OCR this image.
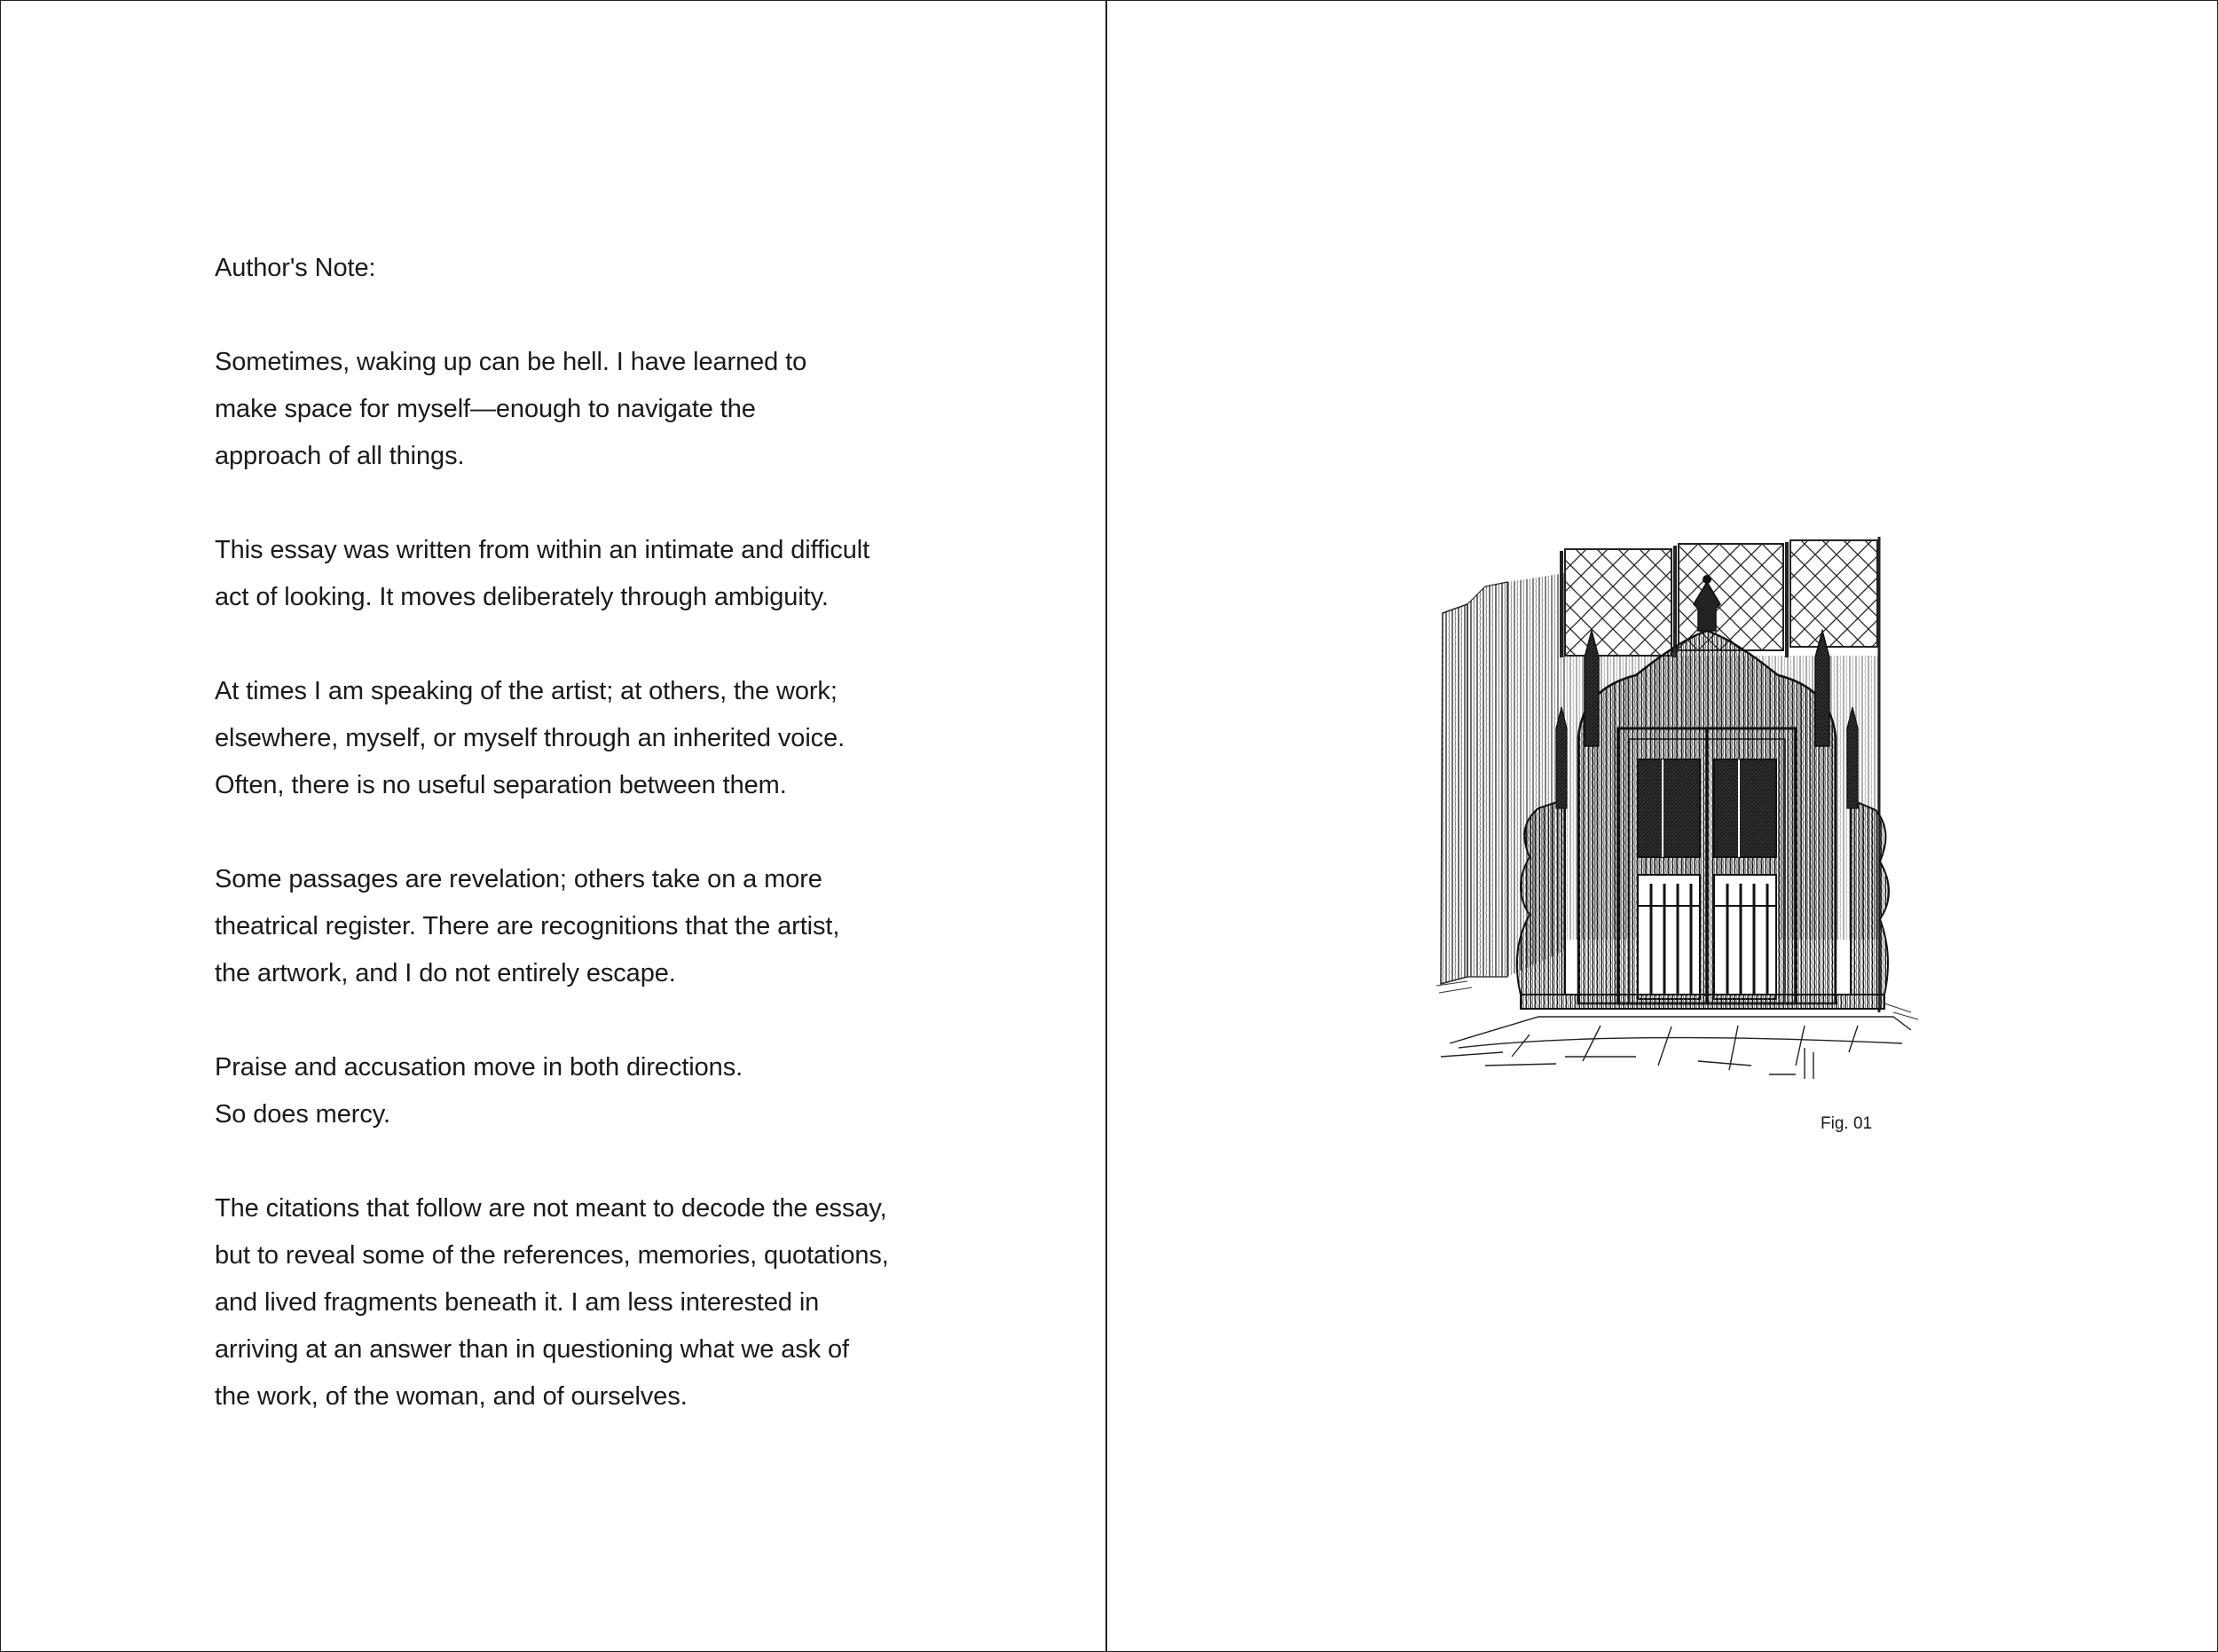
Author's Note:

Sometimes, waking up can be hell. I have learned to
make space for myself—enough to navigate the
approach of all things.

This essay was written from within an intimate and difficult
act of looking. It moves deliberately through ambiguity.

At times I am speaking of the artist; at others, the work;
elsewhere, myself, or myself through an inherited voice.
Often, there is no useful separation between them.

Some passages are revelation; others take on a more
theatrical register. There are recognitions that the artist,
the artwork, and I do not entirely escape.

Praise and accusation move in both directions.
So does mercy.

The citations that follow are not meant to decode the essay,
but to reveal some of the references, memories, quotations,
and lived fragments beneath it. I am less interested in
arriving at an answer than in questioning what we ask of
the work, of the woman, and of ourselves.

Fig. 01
